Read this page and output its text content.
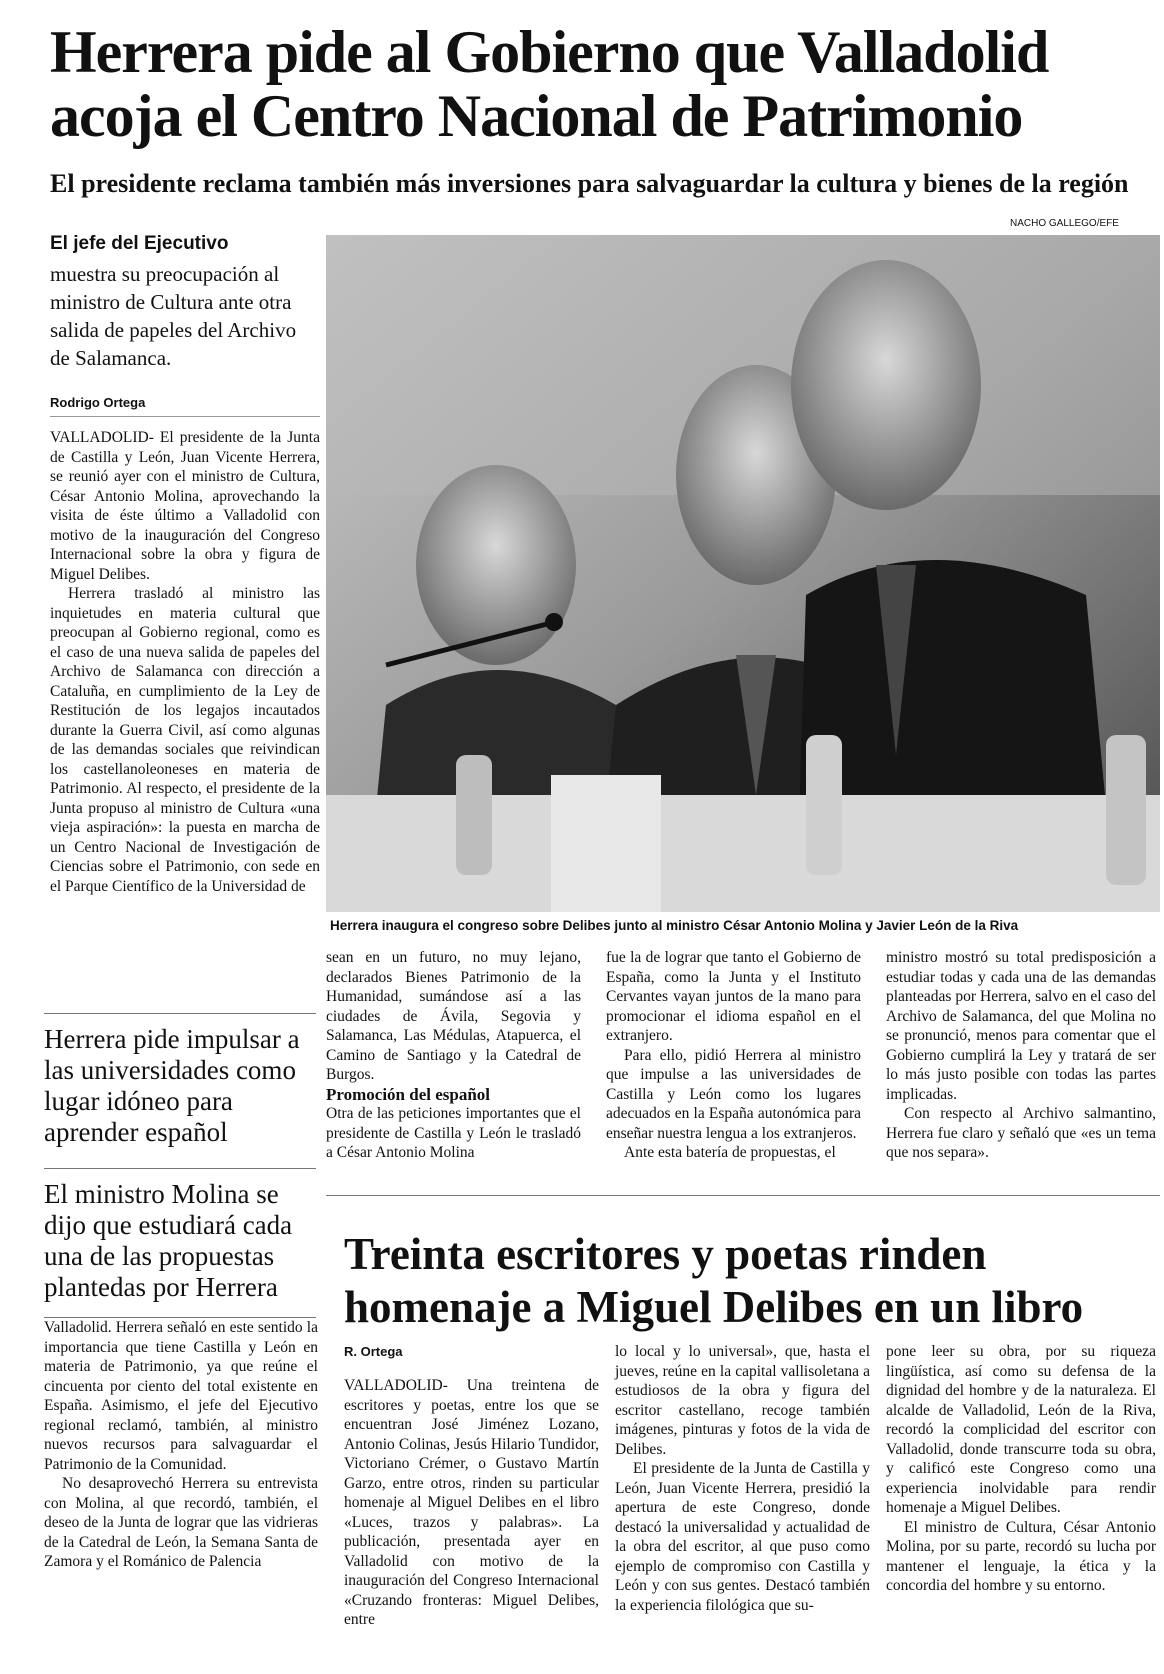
Herrera pide al Gobierno que Valladolid acoja el Centro Nacional de Patrimonio
El presidente reclama también más inversiones para salvaguardar la cultura y bienes de la región
NACHO GALLEGO/EFE
El jefe del Ejecutivo
muestra su preocupación al ministro de Cultura ante otra salida de papeles del Archivo de Salamanca.
Rodrigo Ortega

VALLADOLID- El presidente de la Junta de Castilla y León, Juan Vicente Herrera, se reunió ayer con el ministro de Cultura, César Antonio Molina, aprovechando la visita de éste último a Valladolid con motivo de la inauguración del Congreso Internacional sobre la obra y figura de Miguel Delibes.

Herrera trasladó al ministro las inquietudes en materia cultural que preocupan al Gobierno regional, como es el caso de una nueva salida de papeles del Archivo de Salamanca con dirección a Cataluña, en cumplimiento de la Ley de Restitución de los legajos incautados durante la Guerra Civil, así como algunas de las demandas sociales que reivindican los castellanoleoneses en materia de Patrimonio. Al respecto, el presidente de la Junta propuso al ministro de Cultura «una vieja aspiración»: la puesta en marcha de un Centro Nacional de Investigación de Ciencias sobre el Patrimonio, con sede en el Parque Científico de la Universidad de

Herrera inaugura el congreso sobre Delibes junto al ministro César Antonio Molina y Javier León de la Riva

sean en un futuro, no muy lejano, declarados Bienes Patrimonio de la Humanidad, sumándose así a las ciudades de Ávila, Segovia y Salamanca, Las Médulas, Atapuerca, el Camino de Santiago y la Catedral de Burgos.

Promoción del español

Otra de las peticiones importantes que el presidente de Castilla y León le trasladó a César Antonio Molina

fue la de lograr que tanto el Gobierno de España, como la Junta y el Instituto Cervantes vayan juntos de la mano para promocionar el idioma español en el extranjero.

Para ello, pidió Herrera al ministro que impulse a las universidades de Castilla y León como los lugares adecuados en la España autonómica para enseñar nuestra lengua a los extranjeros.

Ante esta batería de propuestas, el

ministro mostró su total predisposición a estudiar todas y cada una de las demandas planteadas por Herrera, salvo en el caso del Archivo de Salamanca, del que Molina no se pronunció, menos para comentar que el Gobierno cumplirá la Ley y tratará de ser lo más justo posible con todas las partes implicadas.

Con respecto al Archivo salmantino, Herrera fue claro y señaló que «es un tema que nos separa».

Herrera pide impulsar a las universidades como lugar idóneo para aprender español
El ministro Molina se dijo que estudiará cada una de las propuestas plantedas por Herrera

Valladolid. Herrera señaló en este sentido la importancia que tiene Castilla y León en materia de Patrimonio, ya que reúne el cincuenta por ciento del total existente en España. Asimismo, el jefe del Ejecutivo regional reclamó, también, al ministro nuevos recursos para salvaguardar el Patrimonio de la Comunidad.

No desaprovechó Herrera su entrevista con Molina, al que recordó, también, el deseo de la Junta de lograr que las vidrieras de la Catedral de León, la Semana Santa de Zamora y el Románico de Palencia

Treinta escritores y poetas rinden homenaje a Miguel Delibes en un libro
R. Ortega

VALLADOLID- Una treintena de escritores y poetas, entre los que se encuentran José Jiménez Lozano, Antonio Colinas, Jesús Hilario Tundidor, Victoriano Crémer, o Gustavo Martín Garzo, entre otros, rinden su particular homenaje al Miguel Delibes en el libro «Luces, trazos y palabras». La publicación, presentada ayer en Valladolid con motivo de la inauguración del Congreso Internacional «Cruzando fronteras: Miguel Delibes, entre

lo local y lo universal», que, hasta el jueves, reúne en la capital vallisoletana a estudiosos de la obra y figura del escritor castellano, recoge también imágenes, pinturas y fotos de la vida de Delibes.

El presidente de la Junta de Castilla y León, Juan Vicente Herrera, presidió la apertura de este Congreso, donde destacó la universalidad y actualidad de la obra del escritor, al que puso como ejemplo de compromiso con Castilla y León y con sus gentes. Destacó también la experiencia filológica que su-

pone leer su obra, por su riqueza lingüística, así como su defensa de la dignidad del hombre y de la naturaleza. El alcalde de Valladolid, León de la Riva, recordó la complicidad del escritor con Valladolid, donde transcurre toda su obra, y calificó este Congreso como una experiencia inolvidable para rendir homenaje a Miguel Delibes.

El ministro de Cultura, César Antonio Molina, por su parte, recordó su lucha por mantener el lenguaje, la ética y la concordia del hombre y su entorno.
